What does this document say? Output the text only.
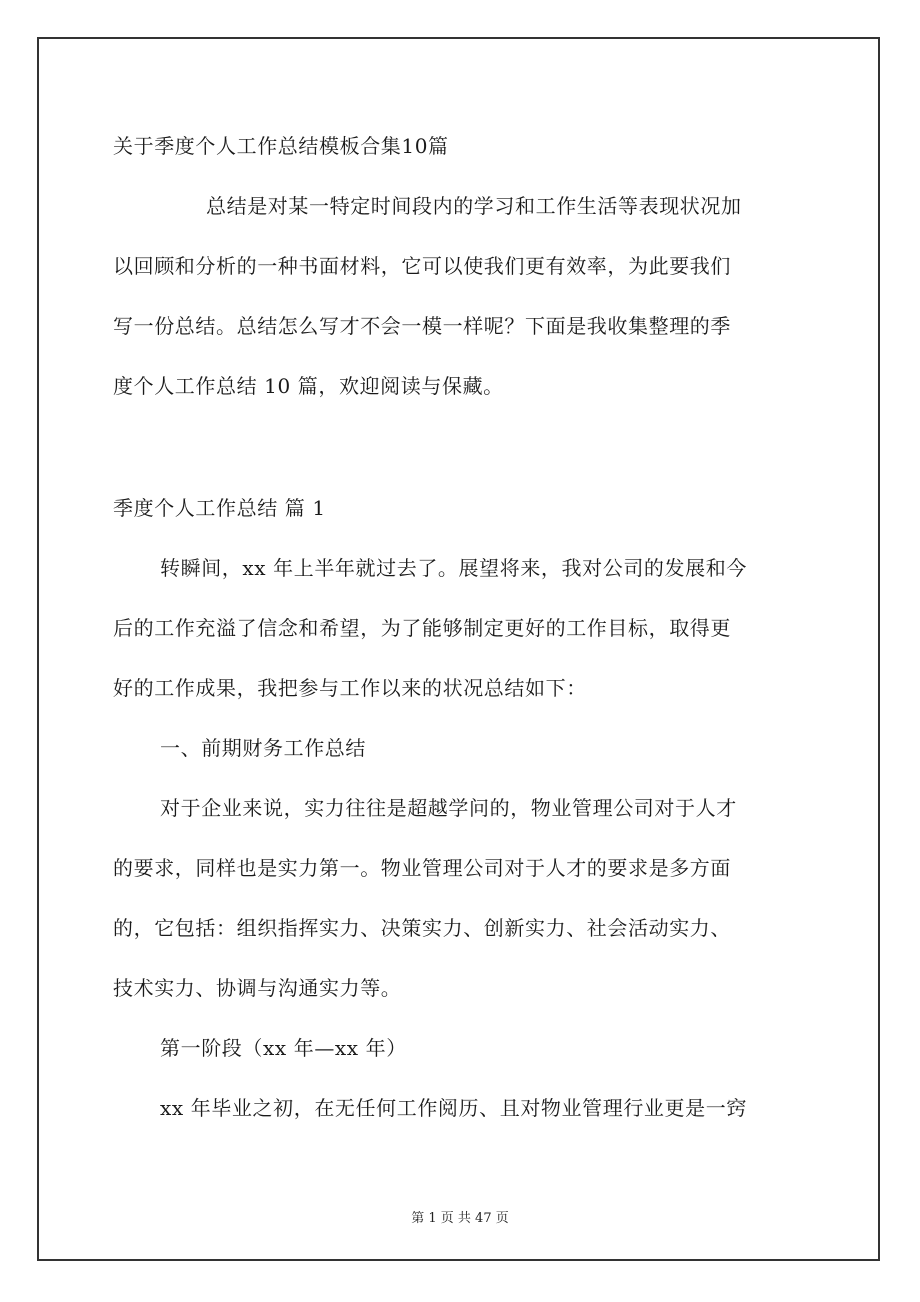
关于季度个人工作总结模板合集10篇
总结是对某一特定时间段内的学习和工作生活等表现状况加
以回顾和分析的一种书面材料，它可以使我们更有效率，为此要我们
写一份总结。总结怎么写才不会一模一样呢？下面是我收集整理的季
度个人工作总结 10 篇，欢迎阅读与保藏。
季度个人工作总结 篇 1
转瞬间，xx 年上半年就过去了。展望将来，我对公司的发展和今
后的工作充溢了信念和希望，为了能够制定更好的工作目标，取得更
好的工作成果，我把参与工作以来的状况总结如下：
一、前期财务工作总结
对于企业来说，实力往往是超越学问的，物业管理公司对于人才
的要求，同样也是实力第一。物业管理公司对于人才的要求是多方面
的，它包括：组织指挥实力、决策实力、创新实力、社会活动实力、
技术实力、协调与沟通实力等。
第一阶段（xx 年—xx 年）
xx 年毕业之初，在无任何工作阅历、且对物业管理行业更是一窍
第 1 页 共 47 页
